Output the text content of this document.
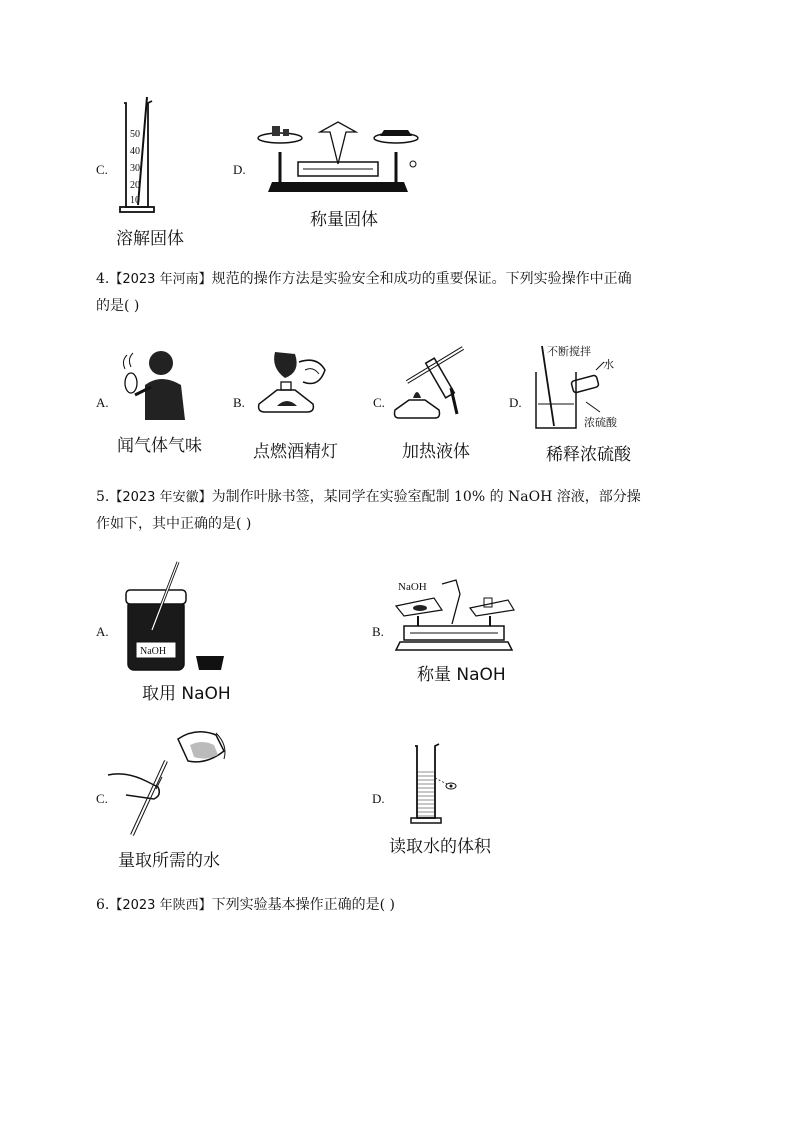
C.
50
40
30
20
10
溶解固体
D.
称量固体
4.【2023 年河南】规范的操作方法是实验安全和成功的重要保证。下列实验操作中正确
的是( )
A.
闻气体气味
B.
点燃酒精灯
C.
加热液体
D.
不断搅拌
水
浓硫酸
稀释浓硫酸
5.【2023 年安徽】为制作叶脉书签，某同学在实验室配制 10% 的 NaOH 溶液，部分操
作如下，其中正确的是( )
A.
NaOH
取用 NaOH
B.
NaOH
称量 NaOH
C.
量取所需的水
D.
读取水的体积
6.【2023 年陕西】下列实验基本操作正确的是( )
